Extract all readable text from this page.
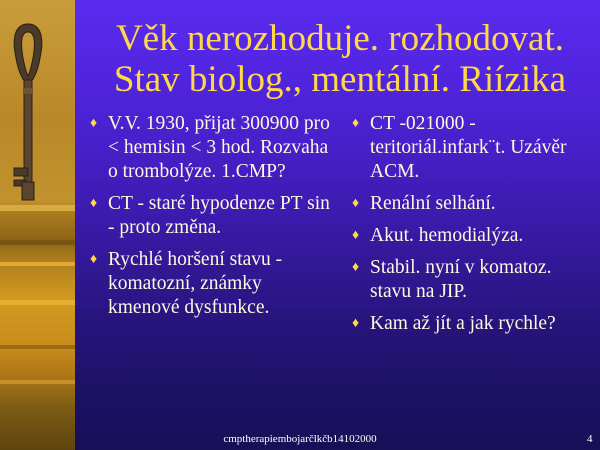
Věk nerozhoduje. rozhodovat.
Stav biolog., mentální. Riízika
♦ V.V. 1930, přijat 300900 pro < hemisin < 3 hod. Rozvaha o trombolýze. 1.CMP?
♦ CT - staré hypodenze PT sin - proto změna.
♦ Rychlé horšení stavu - komatozní, známky kmenové dysfunkce.
♦ CT -021000 - teritoriál.infark¨t. Uzávěr ACM.
♦ Renální selhání.
♦ Akut. hemodialýza.
♦ Stabil. nyní v komatoz. stavu na JIP.
♦ Kam až jít a jak rychle?
cmptherapiembojarčlkčb14102000	4
